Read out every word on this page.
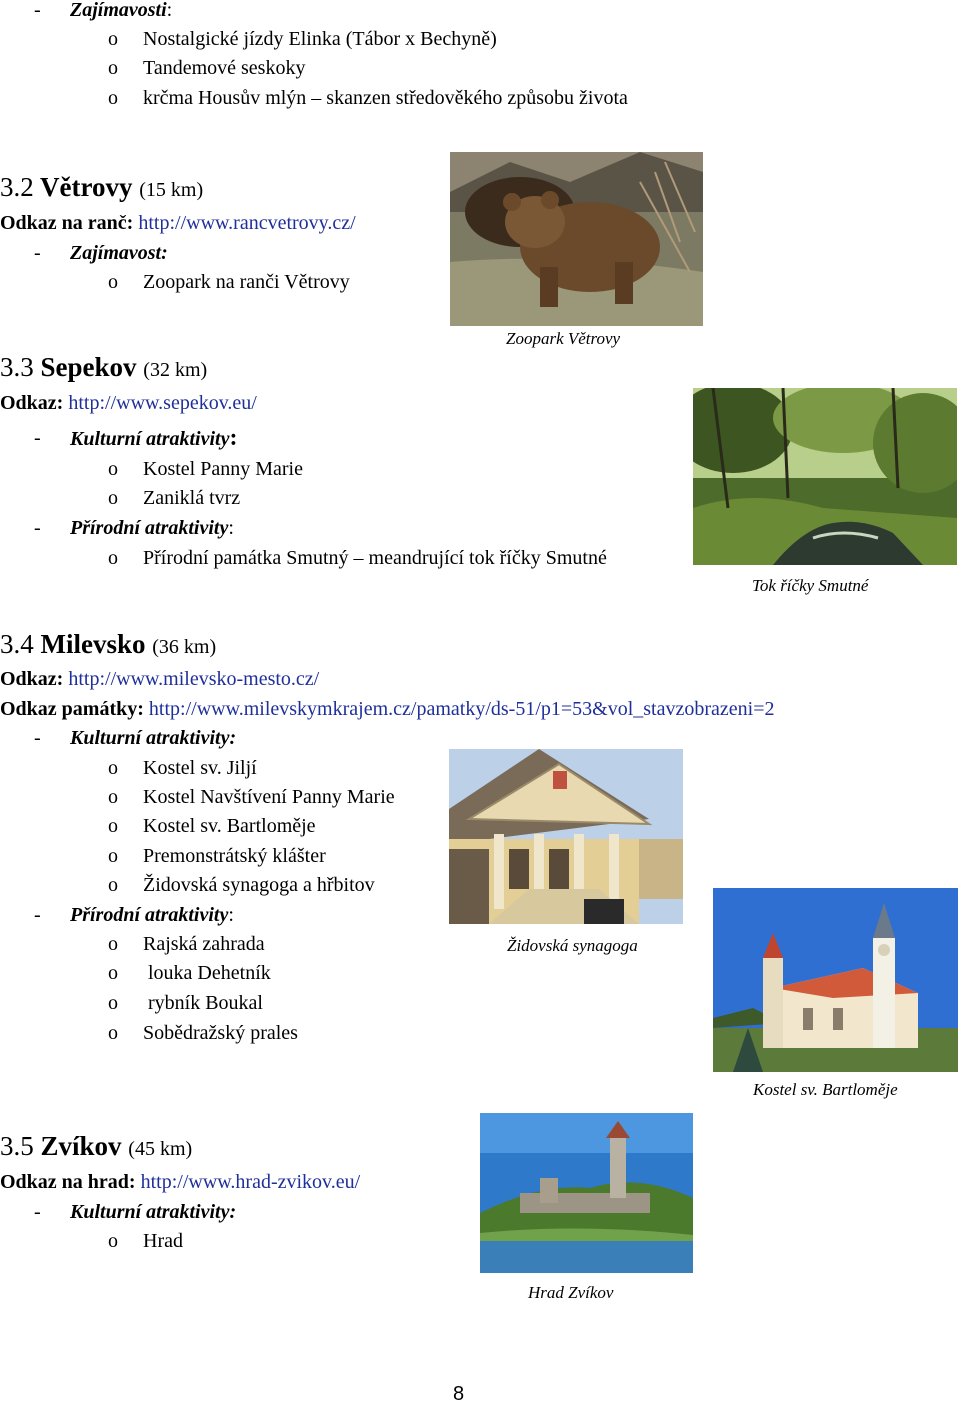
- Zajímavosti:
o Nostalgické jízdy Elinka (Tábor x Bechyně)
o Tandemové seskoky
o krčma Housův mlýn – skanzen středověkého způsobu života
3.2 Větrovy (15 km)
Odkaz na ranč: http://www.rancvetrovy.cz/
- Zajímavost:
o Zoopark na ranči Větrovy
Zoopark Větrovy
3.3 Sepekov (32 km)
Odkaz: http://www.sepekov.eu/
- Kulturní atraktivity:
o Kostel Panny Marie
o Zaniklá tvrz
- Přírodní atraktivity:
o Přírodní památka Smutný – meandrující tok říčky Smutné
Tok říčky Smutné
3.4 Milevsko (36 km)
Odkaz: http://www.milevsko-mesto.cz/
Odkaz památky: http://www.milevskymkrajem.cz/pamatky/ds-51/p1=53&vol_stavzobrazeni=2
- Kulturní atraktivity:
o Kostel sv. Jiljí
o Kostel Navštívení Panny Marie
o Kostel sv. Bartloměje
o Premonstrátský klášter
o Židovská synagoga a hřbitov
- Přírodní atraktivity:
o Rajská zahrada
o louka Dehetník
o rybník Boukal
o Sobědražský prales
Židovská synagoga
Kostel sv. Bartloměje
3.5 Zvíkov (45 km)
Odkaz na hrad: http://www.hrad-zvikov.eu/
- Kulturní atraktivity:
o Hrad
Hrad Zvíkov
8
